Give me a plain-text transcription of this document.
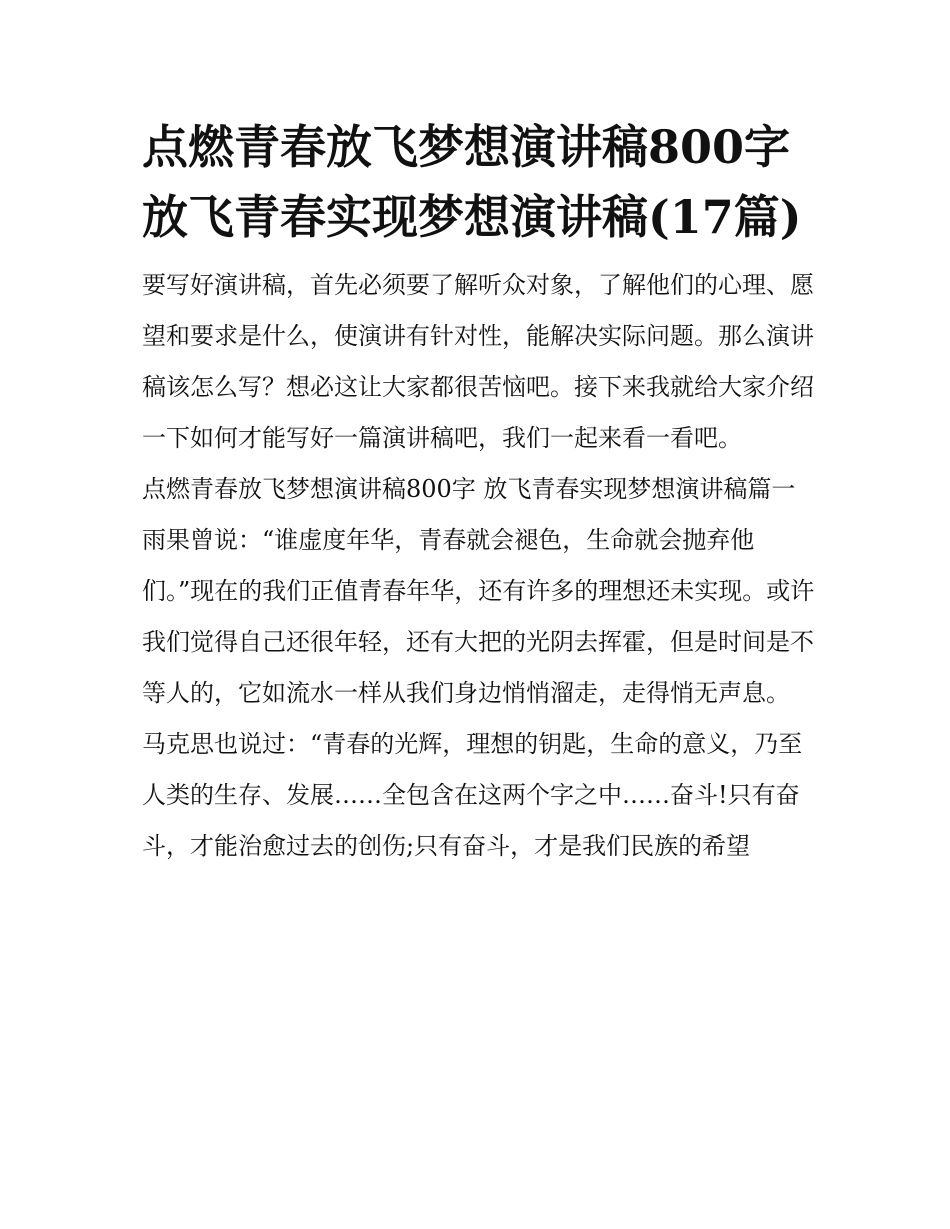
点燃青春放飞梦想演讲稿800字 放飞青春实现梦想演讲稿(17篇)

要写好演讲稿，首先必须要了解听众对象，了解他们的心理、愿望和要求是什么，使演讲有针对性，能解决实际问题。那么演讲稿该怎么写？想必这让大家都很苦恼吧。接下来我就给大家介绍一下如何才能写好一篇演讲稿吧，我们一起来看一看吧。

点燃青春放飞梦想演讲稿800字 放飞青春实现梦想演讲稿篇一

雨果曾说：“谁虚度年华，青春就会褪色，生命就会抛弃他们。”现在的我们正值青春年华，还有许多的理想还未实现。或许我们觉得自己还很年轻，还有大把的光阴去挥霍，但是时间是不等人的，它如流水一样从我们身边悄悄溜走，走得悄无声息。

马克思也说过：“青春的光辉，理想的钥匙，生命的意义，乃至人类的生存、发展……全包含在这两个字之中……奋斗!只有奋斗，才能治愈过去的创伤;只有奋斗，才是我们民族的希望
